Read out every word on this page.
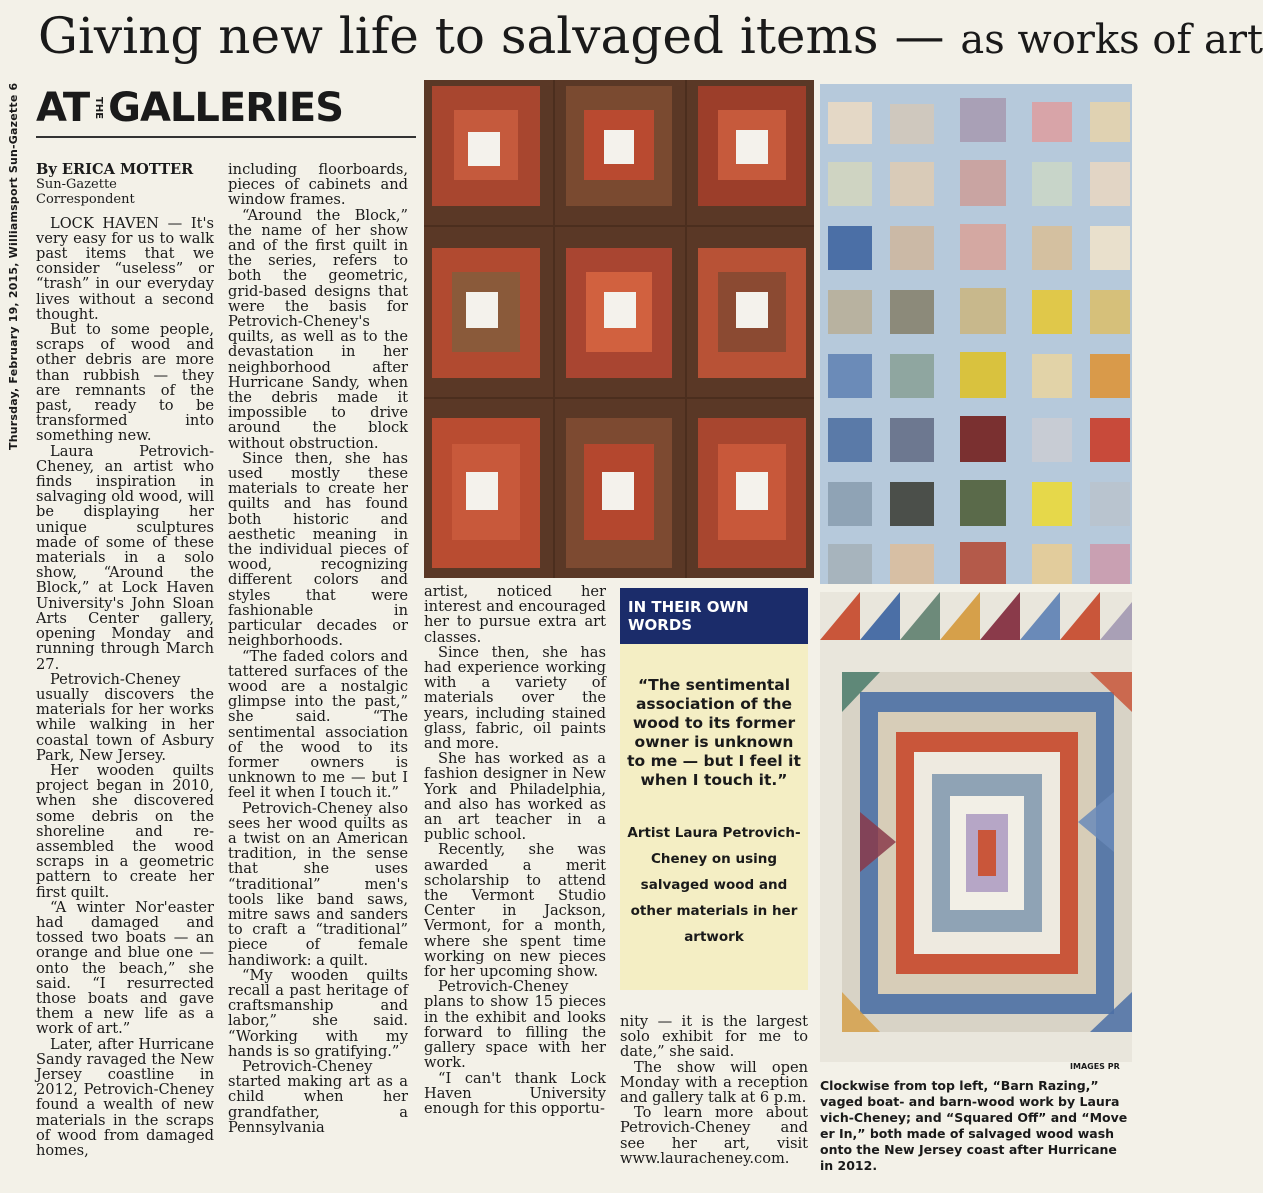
Thursday, February 19, 2015, Williamsport Sun-Gazette 6
Giving new life to salvaged items — as works of art
AT THE GALLERIES

By ERICA MOTTER

Sun-Gazette Correspondent

LOCK HAVEN — It's very easy for us to walk past items that we consider “useless” or “trash” in our everyday lives without a second thought.

But to some people, scraps of wood and other debris are more than rubbish — they are remnants of the past, ready to be transformed into something new.

Laura Petrovich-Cheney, an artist who finds inspiration in salvaging old wood, will be displaying her unique sculptures made of some of these materials in a solo show, “Around the Block,” at Lock Haven University's John Sloan Arts Center gallery, opening Monday and running through March 27.

Petrovich-Cheney usually discovers the materials for her works while walking in her coastal town of Asbury Park, New Jersey.

Her wooden quilts project began in 2010, when she discovered some debris on the shoreline and re-assembled the wood scraps in a geometric pattern to create her first quilt.

“A winter Nor'easter had damaged and tossed two boats — an orange and blue one — onto the beach,” she said. “I resurrected those boats and gave them a new life as a work of art.”

Later, after Hurricane Sandy ravaged the New Jersey coastline in 2012, Petrovich-Cheney found a wealth of new materials in the scraps of wood from damaged homes,

including floorboards, pieces of cabinets and window frames.

“Around the Block,” the name of her show and of the first quilt in the series, refers to both the geometric, grid-based designs that were the basis for Petrovich-Cheney's quilts, as well as to the devastation in her neighborhood after Hurricane Sandy, when the debris made it impossible to drive around the block without obstruction.

Since then, she has used mostly these materials to create her quilts and has found both historic and aesthetic meaning in the individual pieces of wood, recognizing different colors and styles that were fashionable in particular decades or neighborhoods.

“The faded colors and tattered surfaces of the wood are a nostalgic glimpse into the past,” she said. “The sentimental association of the wood to its former owners is unknown to me — but I feel it when I touch it.”

Petrovich-Cheney also sees her wood quilts as a twist on an American tradition, in the sense that she uses “traditional” men's tools like band saws, mitre saws and sanders to craft a “traditional” piece of female handiwork: a quilt.

“My wooden quilts recall a past heritage of craftsmanship and labor,” she said. “Working with my hands is so gratifying.”

Petrovich-Cheney started making art as a child when her grandfather, a Pennsylvania

artist, noticed her interest and encouraged her to pursue extra art classes.

Since then, she has had experience working with a variety of materials over the years, including stained glass, fabric, oil paints and more.

She has worked as a fashion designer in New York and Philadelphia, and also has worked as an art teacher in a public school.

Recently, she was awarded a merit scholarship to attend the Vermont Studio Center in Jackson, Vermont, for a month, where she spent time working on new pieces for her upcoming show.

Petrovich-Cheney plans to show 15 pieces in the exhibit and looks forward to filling the gallery space with her work.

“I can't thank Lock Haven University enough for this opportu-

IN THEIR OWN WORDS
“The sentimental association of the wood to its former owner is unknown to me — but I feel it when I touch it.”
Artist Laura Petrovich-Cheney on using salvaged wood and other materials in her artwork

nity — it is the largest solo exhibit for me to date,” she said.

The show will open Monday with a reception and gallery talk at 6 p.m.

To learn more about Petrovich-Cheney and see her art, visit www.lauracheney.com.

IMAGES PR
Clockwise from top left, “Barn Razing,” vaged boat- and barn-wood work by Laura vich-Cheney; and “Squared Off” and “Move er In,” both made of salvaged wood wash onto the New Jersey coast after Hurricane in 2012.
